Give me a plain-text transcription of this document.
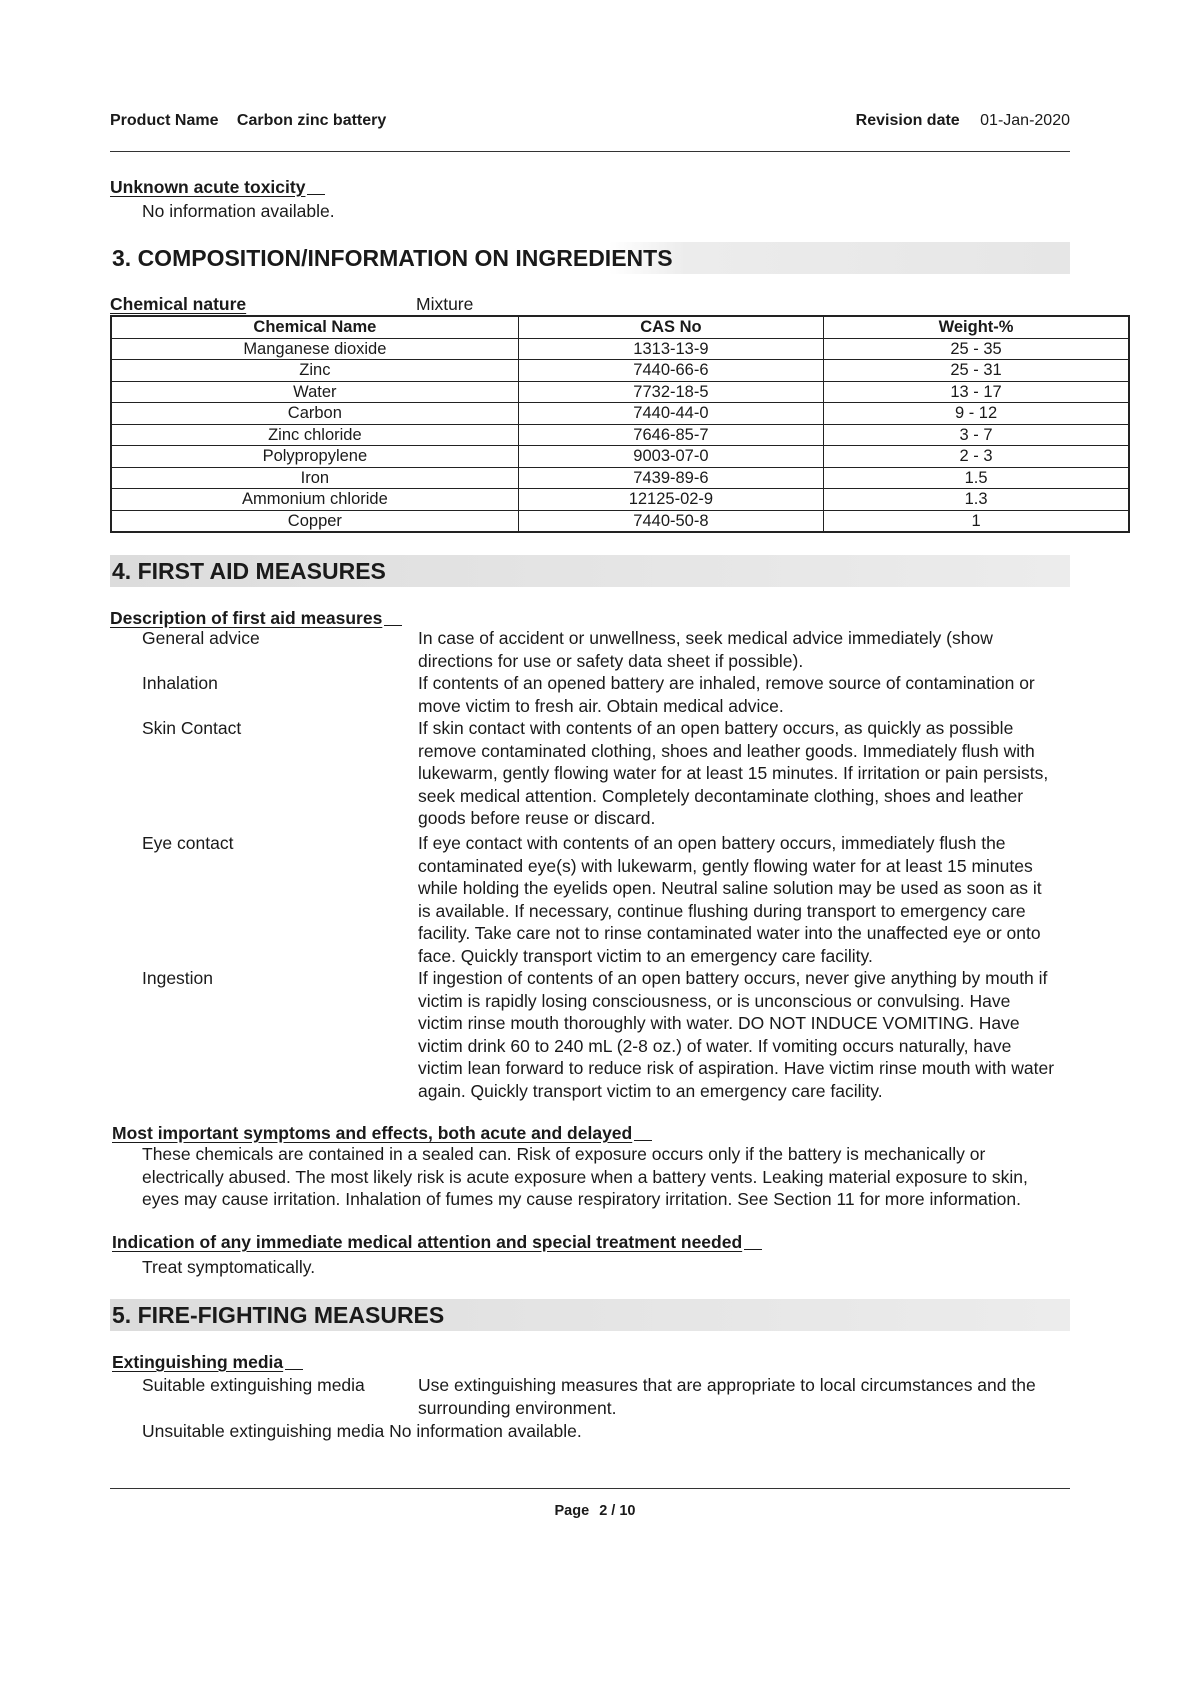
Product Name Carbon zinc battery	Revision date 01-Jan-2020
Unknown acute toxicity
No information available.
3. COMPOSITION/INFORMATION ON INGREDIENTS
Chemical nature	Mixture
Chemical Name	CAS No	Weight-%
Manganese dioxide	1313-13-9	25 - 35
Zinc	7440-66-6	25 - 31
Water	7732-18-5	13 - 17
Carbon	7440-44-0	9 - 12
Zinc chloride	7646-85-7	3 - 7
Polypropylene	9003-07-0	2 - 3
Iron	7439-89-6	1.5
Ammonium chloride	12125-02-9	1.3
Copper	7440-50-8	1
4. FIRST AID MEASURES
Description of first aid measures
General advice	In case of accident or unwellness, seek medical advice immediately (show
directions for use or safety data sheet if possible).
Inhalation	If contents of an opened battery are inhaled, remove source of contamination or
move victim to fresh air. Obtain medical advice.
Skin Contact	If skin contact with contents of an open battery occurs, as quickly as possible
remove contaminated clothing, shoes and leather goods. Immediately flush with
lukewarm, gently flowing water for at least 15 minutes. If irritation or pain persists,
seek medical attention. Completely decontaminate clothing, shoes and leather
goods before reuse or discard.
Eye contact	If eye contact with contents of an open battery occurs, immediately flush the
contaminated eye(s) with lukewarm, gently flowing water for at least 15 minutes
while holding the eyelids open. Neutral saline solution may be used as soon as it
is available. If necessary, continue flushing during transport to emergency care
facility. Take care not to rinse contaminated water into the unaffected eye or onto
face. Quickly transport victim to an emergency care facility.
Ingestion	If ingestion of contents of an open battery occurs, never give anything by mouth if
victim is rapidly losing consciousness, or is unconscious or convulsing. Have
victim rinse mouth thoroughly with water. DO NOT INDUCE VOMITING. Have
victim drink 60 to 240 mL (2-8 oz.) of water. If vomiting occurs naturally, have
victim lean forward to reduce risk of aspiration. Have victim rinse mouth with water
again. Quickly transport victim to an emergency care facility.
Most important symptoms and effects, both acute and delayed
These chemicals are contained in a sealed can. Risk of exposure occurs only if the battery is mechanically or
electrically abused. The most likely risk is acute exposure when a battery vents. Leaking material exposure to skin,
eyes may cause irritation. Inhalation of fumes my cause respiratory irritation. See Section 11 for more information.
Indication of any immediate medical attention and special treatment needed
Treat symptomatically.
5. FIRE-FIGHTING MEASURES
Extinguishing media
Suitable extinguishing media	Use extinguishing measures that are appropriate to local circumstances and the
surrounding environment.
Unsuitable extinguishing media No information available.
Page 2 / 10
